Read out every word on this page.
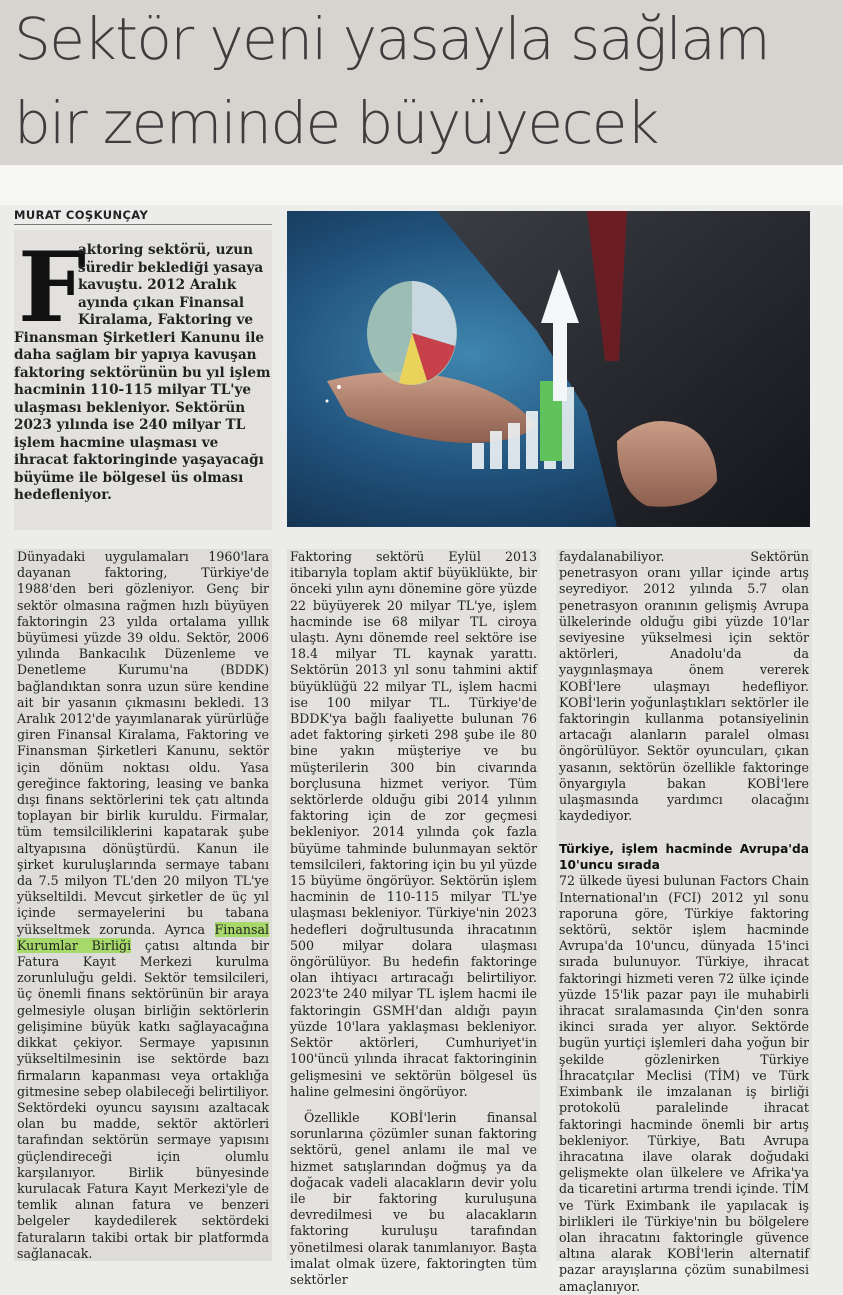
Sektör yeni yasayla sağlam
bir zeminde büyüyecek
MURAT COŞKUNÇAY
F
aktoring sektörü, uzun süredir beklediği yasaya kavuştu. 2012 Aralık ayında çıkan Finansal Kiralama, Faktoring ve Finansman Şirketleri Kanunu ile daha sağlam bir yapıya kavuşan faktoring sektörünün bu yıl işlem hacminin 110-115 milyar TL'ye ulaşması bekleniyor. Sektörün 2023 yılında ise 240 milyar TL işlem hacmine ulaşması ve ihracat faktoringinde yaşayacağı büyüme ile bölgesel üs olması hedefleniyor.

Dünyadaki uygulamaları 1960'lara dayanan faktoring, Türkiye'de 1988'den beri gözleniyor. Genç bir sektör olmasına rağmen hızlı büyüyen faktoringin 23 yılda ortalama yıllık büyümesi yüzde 39 oldu. Sektör, 2006 yılında Bankacılık Düzenleme ve Denetleme Kurumu'na (BDDK) bağlandıktan sonra uzun süre kendine ait bir yasanın çıkmasını bekledi. 13 Aralık 2012'de yayımlanarak yürürlüğe giren Finansal Kiralama, Faktoring ve Finansman Şirketleri Kanunu, sektör için dönüm noktası oldu. Yasa gereğince faktoring, leasing ve banka dışı finans sektörlerini tek çatı altında toplayan bir birlik kuruldu. Firmalar, tüm temsilciliklerini kapatarak şube altyapısına dönüştürdü. Kanun ile şirket kuruluşlarında sermaye tabanı da 7.5 milyon TL'den 20 milyon TL'ye yükseltildi. Mevcut şirketler de üç yıl içinde sermayelerini bu tabana yükseltmek zorunda. Ayrıca Finansal Kurumlar Birliği çatısı altında bir Fatura Kayıt Merkezi kurulma zorunluluğu geldi. Sektör temsilcileri, üç önemli finans sektörünün bir araya gelmesiyle oluşan birliğin sektörlerin gelişimine büyük katkı sağlayacağına dikkat çekiyor. Sermaye yapısının yükseltilmesinin ise sektörde bazı firmaların kapanması veya ortaklığa gitmesine sebep olabileceği belirtiliyor. Sektördeki oyuncu sayısını azaltacak olan bu madde, sektör aktörleri tarafından sektörün sermaye yapısını güçlendireceği için olumlu karşılanıyor. Birlik bünyesinde kurulacak Fatura Kayıt Merkezi'yle de temlik alınan fatura ve benzeri belgeler kaydedilerek sektördeki faturaların takibi ortak bir platformda sağlanacak.

Faktoring sektörü Eylül 2013 itibarıyla toplam aktif büyüklükte, bir önceki yılın aynı dönemine göre yüzde 22 büyüyerek 20 milyar TL'ye, işlem hacminde ise 68 milyar TL ciroya ulaştı. Aynı dönemde reel sektöre ise 18.4 milyar TL kaynak yarattı. Sektörün 2013 yıl sonu tahmini aktif büyüklüğü 22 milyar TL, işlem hacmi ise 100 milyar TL. Türkiye'de BDDK'ya bağlı faaliyette bulunan 76 adet faktoring şirketi 298 şube ile 80 bine yakın müşteriye ve bu müşterilerin 300 bin civarında borçlusuna hizmet veriyor. Tüm sektörlerde olduğu gibi 2014 yılının faktoring için de zor geçmesi bekleniyor. 2014 yılında çok fazla büyüme tahminde bulunmayan sektör temsilcileri, faktoring için bu yıl yüzde 15 büyüme öngörüyor. Sektörün işlem hacminin de 110-115 milyar TL'ye ulaşması bekleniyor. Türkiye'nin 2023 hedefleri doğrultusunda ihracatının 500 milyar dolara ulaşması öngörülüyor. Bu hedefin faktoringe olan ihtiyacı artıracağı belirtiliyor. 2023'te 240 milyar TL işlem hacmi ile faktoringin GSMH'dan aldığı payın yüzde 10'lara yaklaşması bekleniyor. Sektör aktörleri, Cumhuriyet'in 100'üncü yılında ihracat faktoringinin gelişmesini ve sektörün bölgesel üs haline gelmesini öngörüyor.

Özellikle KOBİ'lerin finansal sorunlarına çözümler sunan faktoring sektörü, genel anlamı ile mal ve hizmet satışlarından doğmuş ya da doğacak vadeli alacakların devir yolu ile bir faktoring kuruluşuna devredilmesi ve bu alacakların faktoring kuruluşu tarafından yönetilmesi olarak tanımlanıyor. Başta imalat olmak üzere, faktoringten tüm sektörler

faydalanabiliyor. Sektörün penetrasyon oranı yıllar içinde artış seyrediyor. 2012 yılında 5.7 olan penetrasyon oranının gelişmiş Avrupa ülkelerinde olduğu gibi yüzde 10'lar seviyesine yükselmesi için sektör aktörleri, Anadolu'da da yaygınlaşmaya önem vererek KOBİ'lere ulaşmayı hedefliyor. KOBİ'lerin yoğunlaştıkları sektörler ile faktoringin kullanma potansiyelinin artacağı alanların paralel olması öngörülüyor. Sektör oyuncuları, çıkan yasanın, sektörün özellikle faktoringe önyargıyla bakan KOBİ'lere ulaşmasında yardımcı olacağını kaydediyor.

Türkiye, işlem hacminde Avrupa'da 10'uncu sırada

72 ülkede üyesi bulunan Factors Chain International'ın (FCI) 2012 yıl sonu raporuna göre, Türkiye faktoring sektörü, sektör işlem hacminde Avrupa'da 10'uncu, dünyada 15'inci sırada bulunuyor. Türkiye, ihracat faktoringi hizmeti veren 72 ülke içinde yüzde 15'lik pazar payı ile muhabirli ihracat sıralamasında Çin'den sonra ikinci sırada yer alıyor. Sektörde bugün yurtiçi işlemleri daha yoğun bir şekilde gözlenirken Türkiye İhracatçılar Meclisi (TİM) ve Türk Eximbank ile imzalanan iş birliği protokolü paralelinde ihracat faktoringi hacminde önemli bir artış bekleniyor. Türkiye, Batı Avrupa ihracatına ilave olarak doğudaki gelişmekte olan ülkelere ve Afrika'ya da ticaretini artırma trendi içinde. TİM ve Türk Eximbank ile yapılacak iş birlikleri ile Türkiye'nin bu bölgelere olan ihracatını faktoringle güvence altına alarak KOBİ'lerin alternatif pazar arayışlarına çözüm sunabilmesi amaçlanıyor.
